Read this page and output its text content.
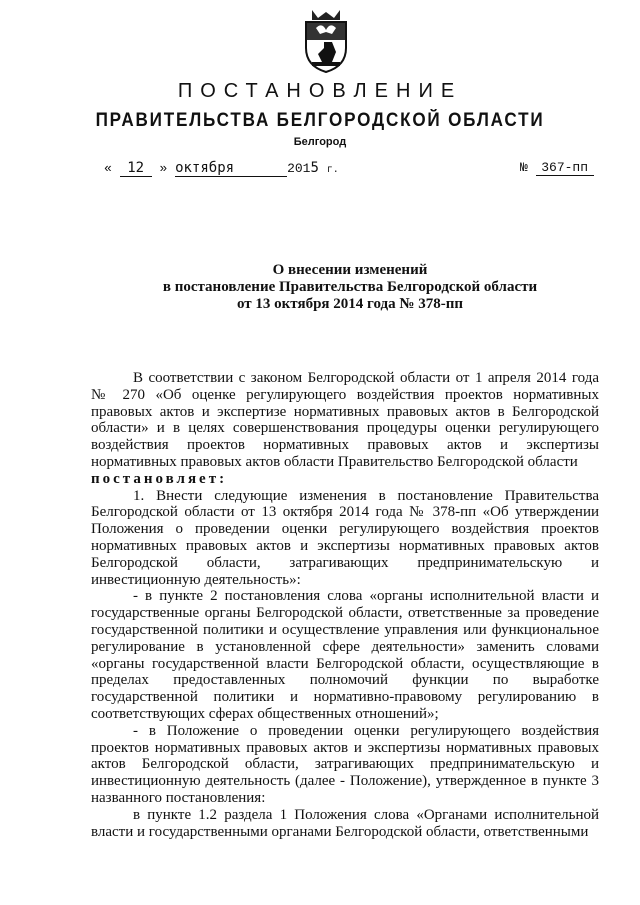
ПОСТАНОВЛЕНИЕ
ПРАВИТЕЛЬСТВА БЕЛГОРОДСКОЙ ОБЛАСТИ
Белгород
« 12 » октября	2015 г.	№ 367-пп
О внесении изменений
в постановление Правительства Белгородской области
от 13 октября 2014 года № 378-пп

В соответствии с законом Белгородской области от 1 апреля 2014 года № 270 «Об оценке регулирующего воздействия проектов нормативных правовых актов и экспертизе нормативных правовых актов в Белгородской области» и в целях совершенствования процедуры оценки регулирующего воздействия проектов нормативных правовых актов и экспертизы нормативных правовых актов области Правительство Белгородской области

постановляет:

1. Внести следующие изменения в постановление Правительства Белгородской области от 13 октября 2014 года № 378-пп «Об утверждении Положения о проведении оценки регулирующего воздействия проектов нормативных правовых актов и экспертизы нормативных правовых актов Белгородской области, затрагивающих предпринимательскую и инвестиционную деятельность»:

- в пункте 2 постановления слова «органы исполнительной власти и государственные органы Белгородской области, ответственные за проведение государственной политики и осуществление управления или функциональное регулирование в установленной сфере деятельности» заменить словами «органы государственной власти Белгородской области, осуществляющие в пределах предоставленных полномочий функции по выработке государственной политики и нормативно-правовому регулированию в соответствующих сферах общественных отношений»;

- в Положение о проведении оценки регулирующего воздействия проектов нормативных правовых актов и экспертизы нормативных правовых актов Белгородской области, затрагивающих предпринимательскую и инвестиционную деятельность (далее - Положение), утвержденное в пункте 3 названного постановления:

в пункте 1.2 раздела 1 Положения слова «Органами исполнительной власти и государственными органами Белгородской области, ответственными
